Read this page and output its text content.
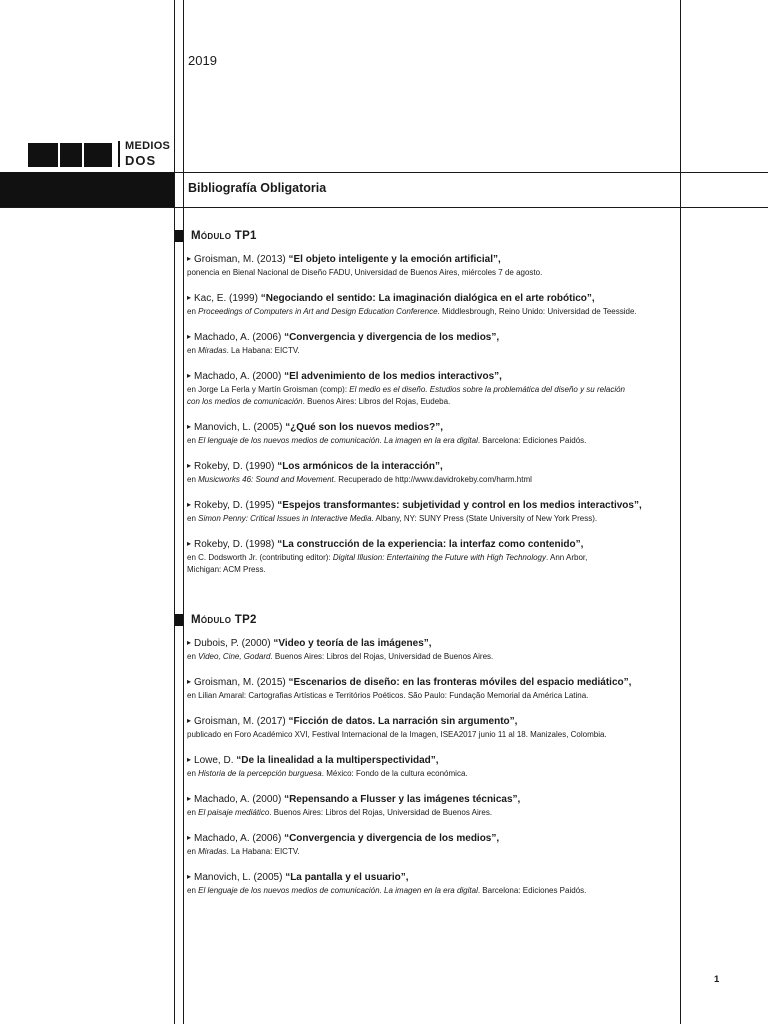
2019
MEDIOS
DOS
Bibliografía Obligatoria
Módulo TP1
▸ Groisman, M. (2013) “El objeto inteligente y la emoción artificial”,
ponencia en Bienal Nacional de Diseño FADU, Universidad de Buenos Aires, miércoles 7 de agosto.
▸ Kac, E. (1999) “Negociando el sentido: La imaginación dialógica en el arte robótico”,
en Proceedings of Computers in Art and Design Education Conference. Middlesbrough, Reino Unido: Universidad de Teesside.
▸ Machado, A. (2006) “Convergencia y divergencia de los medios”,
en Miradas. La Habana: EICTV.
▸ Machado, A. (2000) “El advenimiento de los medios interactivos”,
en Jorge La Ferla y Martín Groisman (comp): El medio es el diseño. Estudios sobre la problemática del diseño y su relación
con los medios de comunicación. Buenos Aires: Libros del Rojas, Eudeba.
▸ Manovich, L. (2005) “¿Qué son los nuevos medios?”,
en El lenguaje de los nuevos medios de comunicación. La imagen en la era digital. Barcelona: Ediciones Paidós.
▸ Rokeby, D. (1990) “Los armónicos de la interacción”,
en Musicworks 46: Sound and Movement. Recuperado de http://www.davidrokeby.com/harm.html
▸ Rokeby, D. (1995) “Espejos transformantes: subjetividad y control en los medios interactivos”,
en Simon Penny: Critical Issues in Interactive Media. Albany, NY: SUNY Press (State University of New York Press).
▸ Rokeby, D. (1998) “La construcción de la experiencia: la interfaz como contenido”,
en C. Dodsworth Jr. (contributing editor): Digital Illusion: Entertaining the Future with High Technology. Ann Arbor,
Michigan: ACM Press.
Módulo TP2
▸ Dubois, P. (2000) “Video y teoría de las imágenes”,
en Video, Cine, Godard. Buenos Aires: Libros del Rojas, Universidad de Buenos Aires.
▸ Groisman, M. (2015) “Escenarios de diseño: en las fronteras móviles del espacio mediático”,
en Lilian Amaral: Cartografias Artísticas e Territórios Poéticos. São Paulo: Fundação Memorial da América Latina.
▸ Groisman, M. (2017) “Ficción de datos. La narración sin argumento”,
publicado en Foro Académico XVI, Festival Internacional de la Imagen, ISEA2017 junio 11 al 18. Manizales, Colombia.
▸ Lowe, D. “De la linealidad a la multiperspectividad”,
en Historia de la percepción burguesa. México: Fondo de la cultura económica.
▸ Machado, A. (2000) “Repensando a Flusser y las imágenes técnicas”,
en El paisaje mediático. Buenos Aires: Libros del Rojas, Universidad de Buenos Aires.
▸ Machado, A. (2006) “Convergencia y divergencia de los medios”,
en Miradas. La Habana: EICTV.
▸ Manovich, L. (2005) “La pantalla y el usuario”,
en El lenguaje de los nuevos medios de comunicación. La imagen en la era digital. Barcelona: Ediciones Paidós.
1
